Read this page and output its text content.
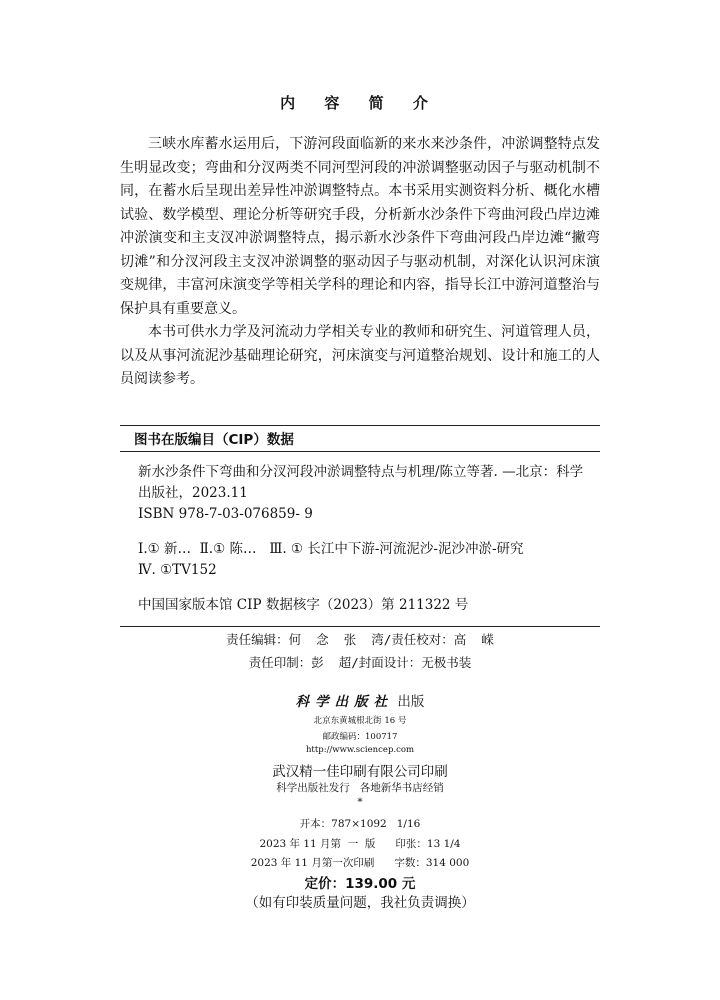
内 容 简 介

三峡水库蓄水运用后，下游河段面临新的来水来沙条件，冲淤调整特点发生明显改变；弯曲和分汊两类不同河型河段的冲淤调整驱动因子与驱动机制不同，在蓄水后呈现出差异性冲淤调整特点。本书采用实测资料分析、概化水槽试验、数学模型、理论分析等研究手段，分析新水沙条件下弯曲河段凸岸边滩冲淤演变和主支汊冲淤调整特点，揭示新水沙条件下弯曲河段凸岸边滩“撇弯切滩”和分汊河段主支汊冲淤调整的驱动因子与驱动机制，对深化认识河床演变规律，丰富河床演变学等相关学科的理论和内容，指导长江中游河道整治与保护具有重要意义。

本书可供水力学及河流动力学相关专业的教师和研究生、河道管理人员，以及从事河流泥沙基础理论研究，河床演变与河道整治规划、设计和施工的人员阅读参考。

图书在版编目（CIP）数据
新水沙条件下弯曲和分汊河段冲淤调整特点与机理/陈立等著. —北京：科学
出版社，2023.11
ISBN 978-7-03-076859- 9
Ⅰ.① 新…  Ⅱ.① 陈…   Ⅲ. ① 长江中下游-河流泥沙-泥沙冲淤-研究
Ⅳ. ①TV152
中国国家版本馆 CIP 数据核字（2023）第 211322 号
责任编辑：何  念  张  湾/责任校对：高  嵘
责任印制：彭  超/封面设计：无极书装
科学出版社 出版
北京东黄城根北街 16 号
邮政编码：100717
http://www.sciencep.com
武汉精一佳印刷有限公司印刷
科学出版社发行   各地新华书店经销
*
开本：787×1092   1/16
2023 年 11 月第  一  版      印张：13 1/4
2023 年 11 月第一次印刷      字数：314 000
定价：139.00 元
（如有印装质量问题，我社负责调换）
